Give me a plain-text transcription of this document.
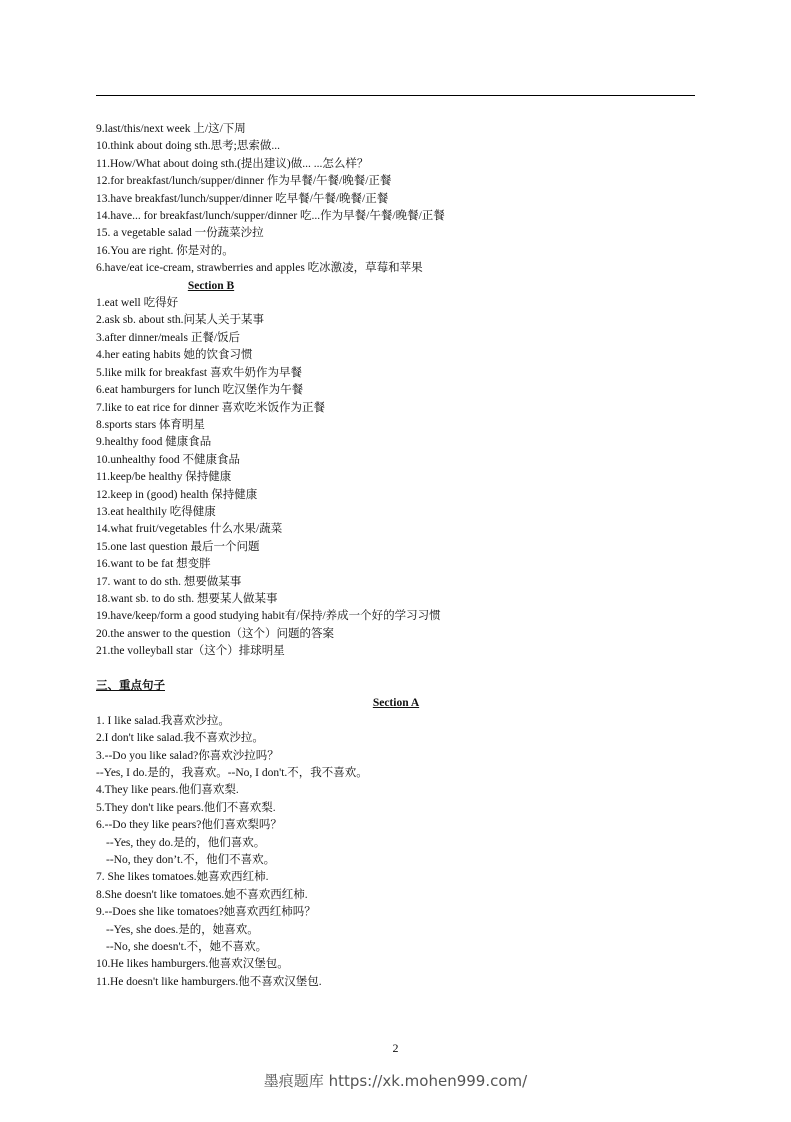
9.last/this/next week 上/这/下周
10.think about doing sth.思考;思索做...
11.How/What about doing sth.(提出建议)做... ...怎么样？
12.for breakfast/lunch/supper/dinner 作为早餐/午餐/晚餐/正餐
13.have breakfast/lunch/supper/dinner 吃早餐/午餐/晚餐/正餐
14.have... for breakfast/lunch/supper/dinner 吃...作为早餐/午餐/晚餐/正餐
15. a vegetable salad 一份蔬菜沙拉
16.You are right. 你是对的。
6.have/eat ice-cream, strawberries and apples 吃冰激凌，草莓和苹果
Section B
1.eat well 吃得好
2.ask sb. about sth.问某人关于某事
3.after dinner/meals 正餐/饭后
4.her eating habits 她的饮食习惯
5.like milk for breakfast 喜欢牛奶作为早餐
6.eat hamburgers for lunch 吃汉堡作为午餐
7.like to eat rice for dinner 喜欢吃米饭作为正餐
8.sports stars 体育明星
9.healthy food 健康食品
10.unhealthy food 不健康食品
11.keep/be healthy 保持健康
12.keep in (good) health 保持健康
13.eat healthily 吃得健康
14.what fruit/vegetables 什么水果/蔬菜
15.one last question 最后一个问题
16.want to be fat 想变胖
17. want to do sth. 想要做某事
18.want sb. to do sth. 想要某人做某事
19.have/keep/form a good studying habit有/保持/养成一个好的学习习惯
20.the answer to the question（这个）问题的答案
21.the volleyball star（这个）排球明星
三、重点句子
Section A
1. I like salad.我喜欢沙拉。
2.I don't like salad.我不喜欢沙拉。
3.--Do you like salad?你喜欢沙拉吗？
--Yes, I do.是的，我喜欢。--No, I don't.不，我不喜欢。
4.They like pears.他们喜欢梨.
5.They don't like pears.他们不喜欢梨.
6.--Do they like pears?他们喜欢梨吗？
--Yes, they do.是的，他们喜欢。
--No, they don’t.不，他们不喜欢。
7. She likes tomatoes.她喜欢西红柿.
8.She doesn't like tomatoes.她不喜欢西红柿.
9.--Does she like tomatoes?她喜欢西红柿吗？
--Yes, she does.是的，她喜欢。
--No, she doesn't.不，她不喜欢。
10.He likes hamburgers.他喜欢汉堡包。
11.He doesn't like hamburgers.他不喜欢汉堡包.
2
墨痕题库 https://xk.mohen999.com/
